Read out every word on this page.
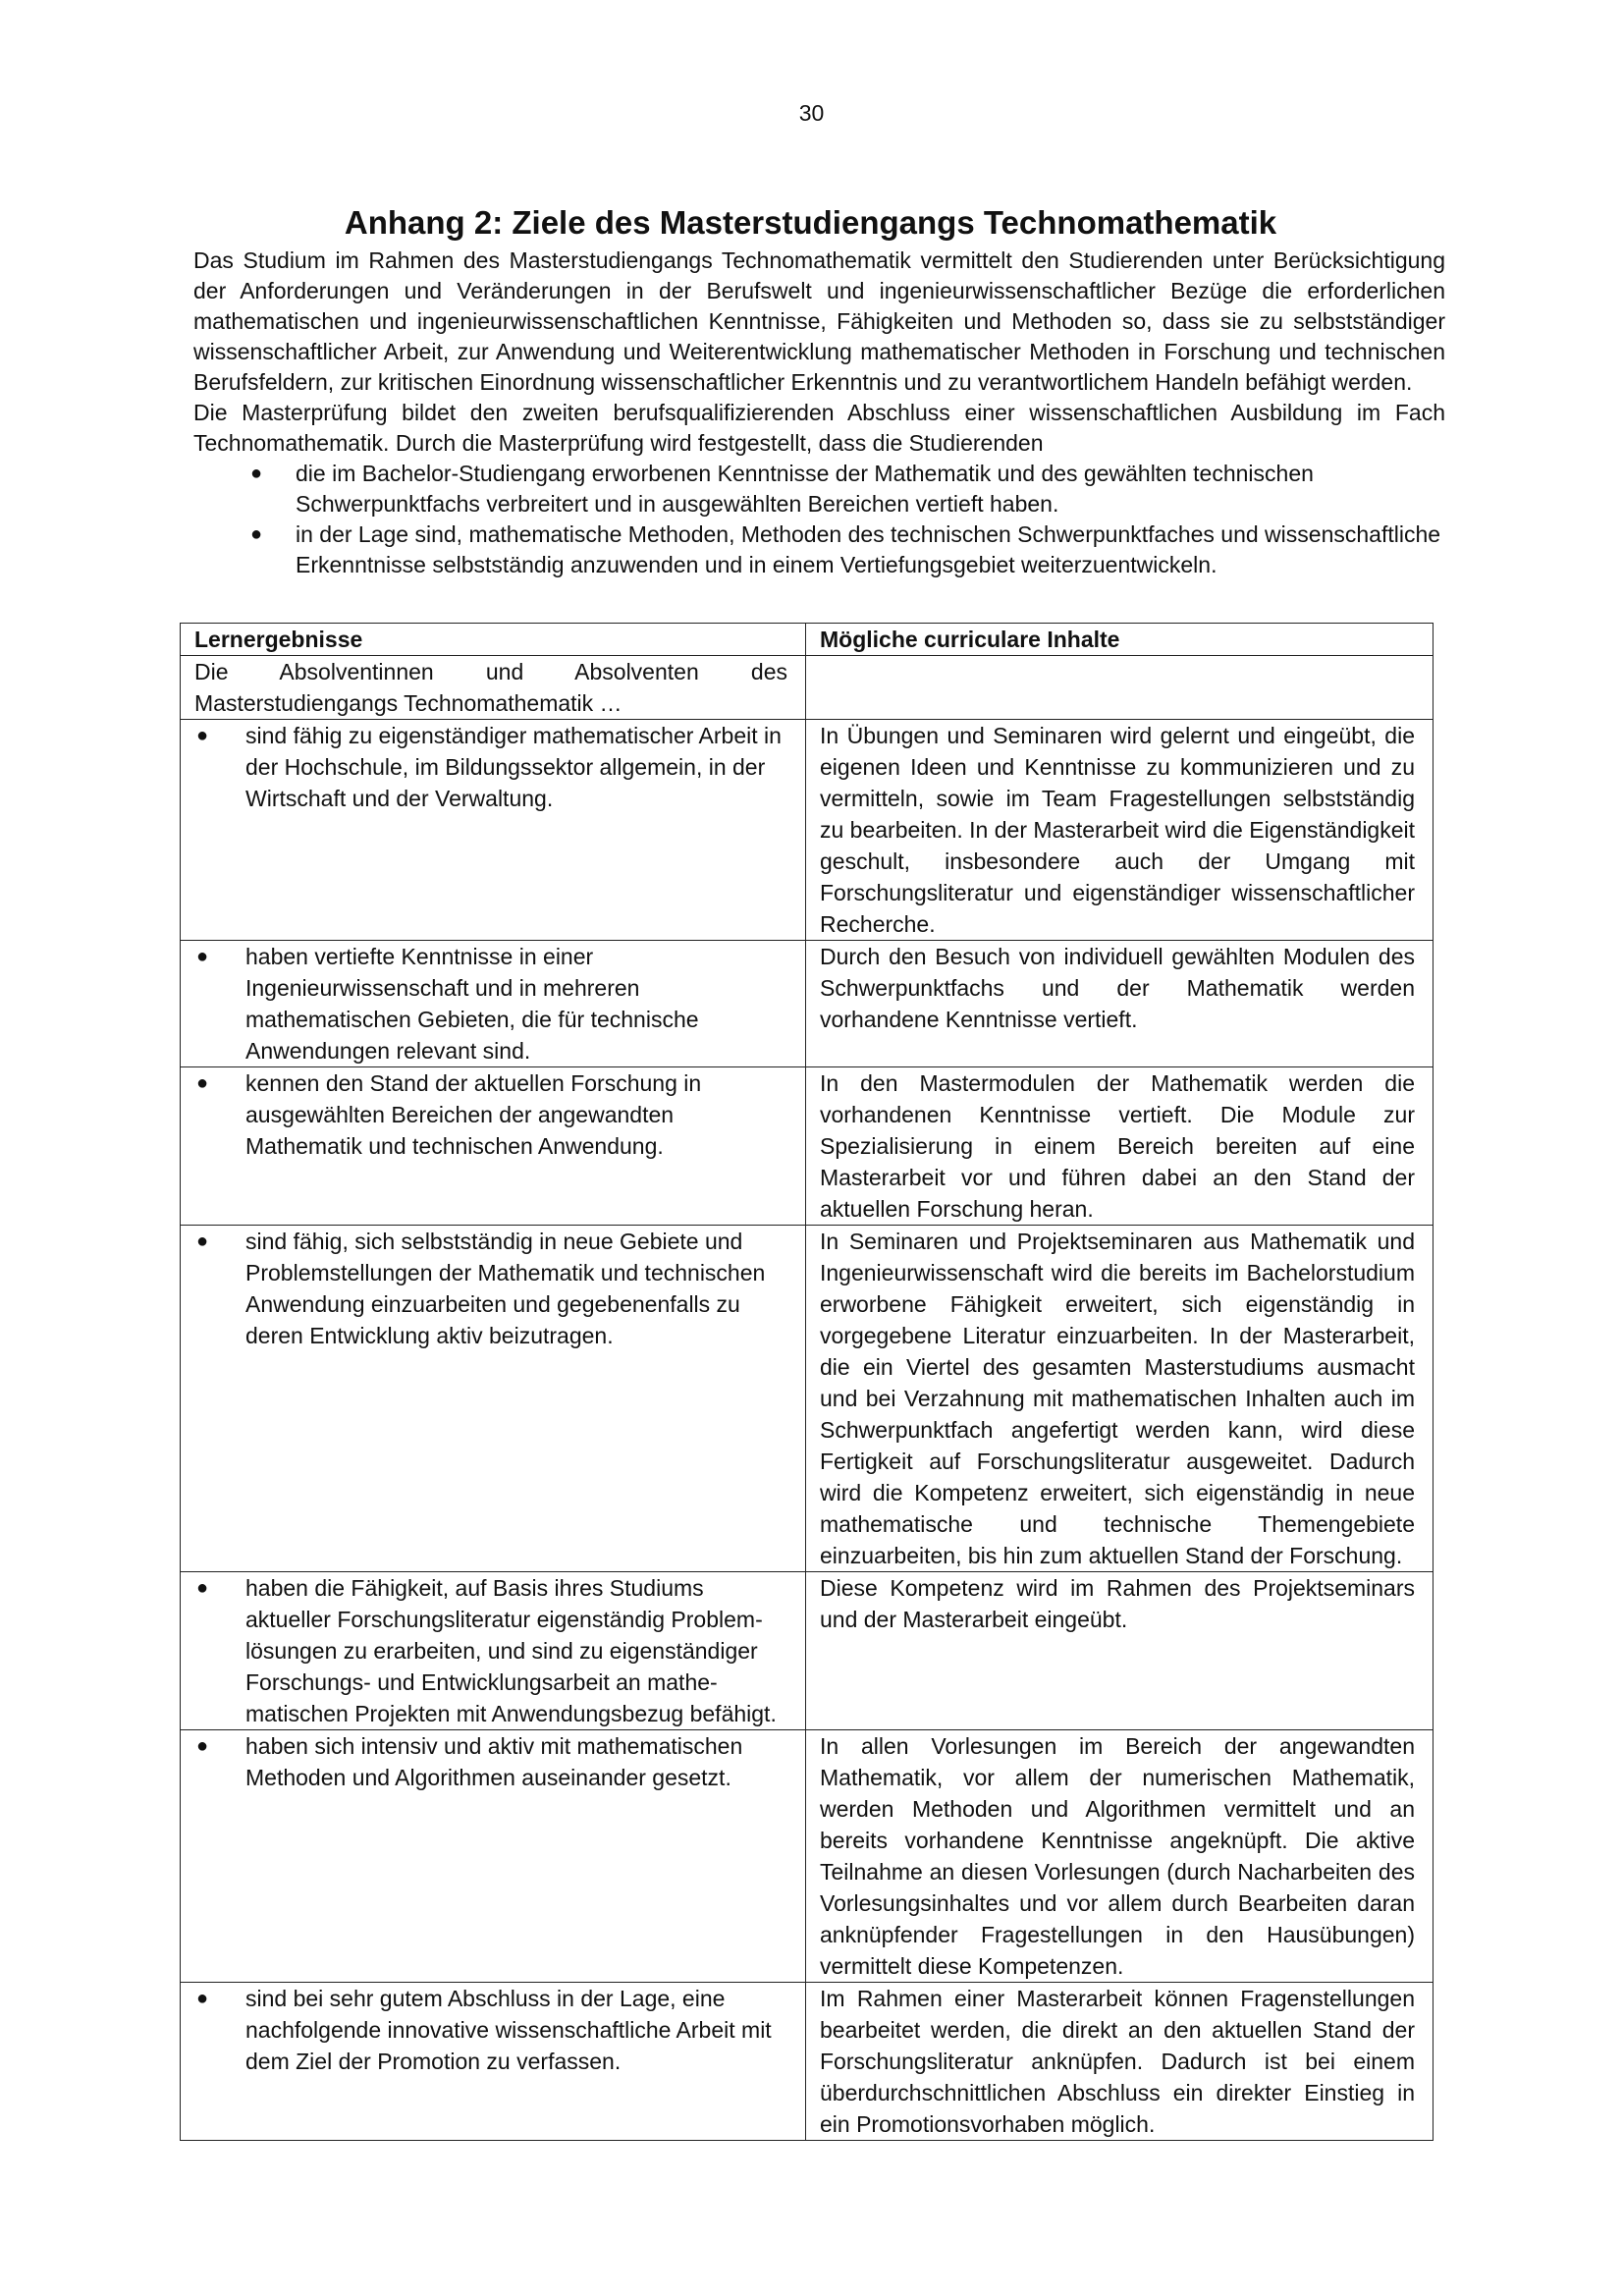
30
Anhang 2: Ziele des Masterstudiengangs Technomathematik

Das Studium im Rahmen des Masterstudiengangs Technomathematik vermittelt den Studierenden unter Berücksichtigung der Anforderungen und Veränderungen in der Berufswelt und ingenieurwissenschaftlicher Bezüge die erforderlichen mathematischen und ingenieurwissenschaftlichen Kenntnisse, Fähigkeiten und Methoden so, dass sie zu selbstständiger wissenschaftlicher Arbeit, zur Anwendung und Weiterentwicklung mathematischer Methoden in Forschung und technischen Berufsfeldern, zur kritischen Einordnung wissenschaftlicher Erkenntnis und zu verantwortlichem Handeln befähigt werden.

Die Masterprüfung bildet den zweiten berufsqualifizierenden Abschluss einer wissenschaftlichen Ausbildung im Fach Technomathematik. Durch die Masterprüfung wird festgestellt, dass die Studierenden

● die im Bachelor-Studiengang erworbenen Kenntnisse der Mathematik und des gewählten technischen Schwerpunktfachs verbreitert und in ausgewählten Bereichen vertieft haben.
● in der Lage sind, mathematische Methoden, Methoden des technischen Schwerpunktfaches und wissenschaftliche Erkenntnisse selbstständig anzuwenden und in einem Vertiefungsgebiet weiterzuentwickeln.
Lernergebnisse	Mögliche curriculare Inhalte
Die Absolventinnen und Absolventen des Masterstudiengangs Technomathematik …	

● sind fähig zu eigenständiger mathematischer Arbeit in der Hochschule, im Bildungssektor allgemein, in der Wirtschaft und der Verwaltung.	In Übungen und Seminaren wird gelernt und eingeübt, die eigenen Ideen und Kenntnisse zu kommunizieren und zu vermitteln, sowie im Team Fragestellungen selbstständig zu bearbeiten. In der Masterarbeit wird die Eigenständigkeit geschult, insbesondere auch der Umgang mit Forschungsliteratur und eigenständiger wissenschaftlicher Recherche.

● haben vertiefte Kenntnisse in einer Ingenieurwissenschaft und in mehreren mathematischen Gebieten, die für technische Anwendungen relevant sind.	Durch den Besuch von individuell gewählten Modulen des Schwerpunktfachs und der Mathematik werden vorhandene Kenntnisse vertieft.

● kennen den Stand der aktuellen Forschung in ausgewählten Bereichen der angewandten Mathematik und technischen Anwendung.	In den Mastermodulen der Mathematik werden die vorhandenen Kenntnisse vertieft. Die Module zur Spezialisierung in einem Bereich bereiten auf eine Masterarbeit vor und führen dabei an den Stand der aktuellen Forschung heran.

● sind fähig, sich selbstständig in neue Gebiete und Problemstellungen der Mathematik und technischen Anwendung einzuarbeiten und gegebenenfalls zu deren Entwicklung aktiv beizutragen.	In Seminaren und Projektseminaren aus Mathematik und Ingenieurwissenschaft wird die bereits im Bachelorstudium erworbene Fähigkeit erweitert, sich eigenständig in vorgegebene Literatur einzuarbeiten. In der Masterarbeit, die ein Viertel des gesamten Masterstudiums ausmacht und bei Verzahnung mit mathematischen Inhalten auch im Schwerpunktfach angefertigt werden kann, wird diese Fertigkeit auf Forschungsliteratur ausgeweitet. Dadurch wird die Kompetenz erweitert, sich eigenständig in neue mathematische und technische Themengebiete einzuarbeiten, bis hin zum aktuellen Stand der Forschung.

● haben die Fähigkeit, auf Basis ihres Studiums aktueller Forschungsliteratur eigenständig Problemlösungen zu erarbeiten, und sind zu eigenständiger Forschungs- und Entwicklungsarbeit an mathematischen Projekten mit Anwendungsbezug befähigt.	Diese Kompetenz wird im Rahmen des Projektseminars und der Masterarbeit eingeübt.

● haben sich intensiv und aktiv mit mathematischen Methoden und Algorithmen auseinander gesetzt.	In allen Vorlesungen im Bereich der angewandten Mathematik, vor allem der numerischen Mathematik, werden Methoden und Algorithmen vermittelt und an bereits vorhandene Kenntnisse angeknüpft. Die aktive Teilnahme an diesen Vorlesungen (durch Nacharbeiten des Vorlesungsinhaltes und vor allem durch Bearbeiten daran anknüpfender Fragestellungen in den Hausübungen) vermittelt diese Kompetenzen.

● sind bei sehr gutem Abschluss in der Lage, eine nachfolgende innovative wissenschaftliche Arbeit mit dem Ziel der Promotion zu verfassen.	Im Rahmen einer Masterarbeit können Fragenstellungen bearbeitet werden, die direkt an den aktuellen Stand der Forschungsliteratur anknüpfen. Dadurch ist bei einem überdurchschnittlichen Abschluss ein direkter Einstieg in ein Promotionsvorhaben möglich.
